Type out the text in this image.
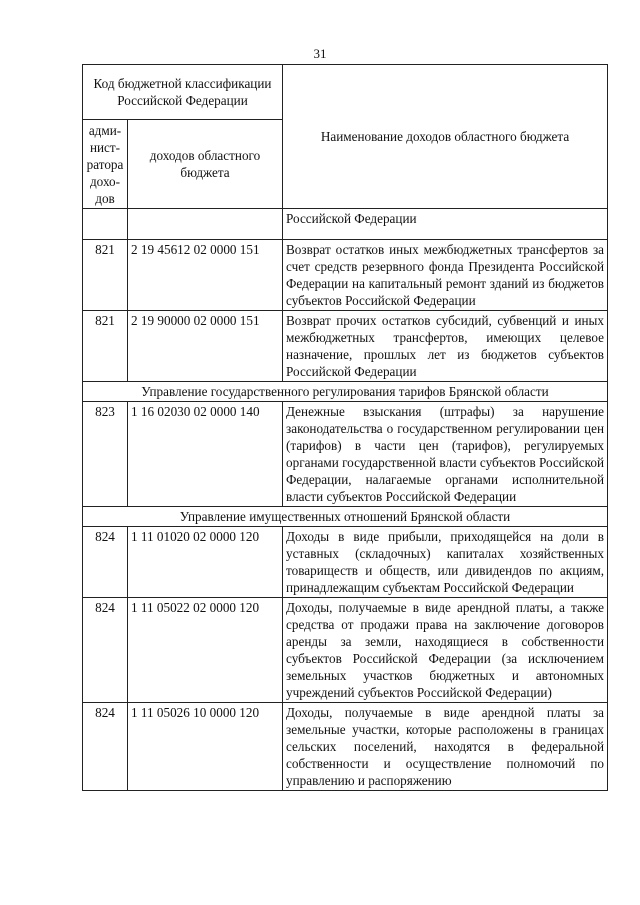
31
Код бюджетной классификации Российской Федерации		Наименование доходов областного бюджета
адми-нист-ратора дохо-дов	доходов областного бюджета	
		Российской Федерации
821	2 19 45612 02 0000 151	Возврат остатков иных межбюджетных трансфертов за счет средств резервного фонда Президента Российской Федерации на капитальный ремонт зданий из бюджетов субъектов Российской Федерации
821	2 19 90000 02 0000 151	Возврат прочих остатков субсидий, субвенций и иных межбюджетных трансфертов, имеющих целевое назначение, прошлых лет из бюджетов субъектов Российской Федерации
Управление государственного регулирования тарифов Брянской области		
823	1 16 02030 02 0000 140	Денежные взыскания (штрафы) за нарушение законодательства о государственном регулировании цен (тарифов) в части цен (тарифов), регулируемых органами государственной власти субъектов Российской Федерации, налагаемые органами исполнительной власти субъектов Российской Федерации
Управление имущественных отношений Брянской области		
824	1 11 01020 02 0000 120	Доходы в виде прибыли, приходящейся на доли в уставных (складочных) капиталах хозяйственных товариществ и обществ, или дивидендов по акциям, принадлежащим субъектам Российской Федерации
824	1 11 05022 02 0000 120	Доходы, получаемые в виде арендной платы, а также средства от продажи права на заключение договоров аренды за земли, находящиеся в собственности субъектов Российской Федерации (за исключением земельных участков бюджетных и автономных учреждений субъектов Российской Федерации)
824	1 11 05026 10 0000 120	Доходы, получаемые в виде арендной платы за земельные участки, которые расположены в границах сельских поселений, находятся в федеральной собственности и осуществление полномочий по управлению и распоряжению
